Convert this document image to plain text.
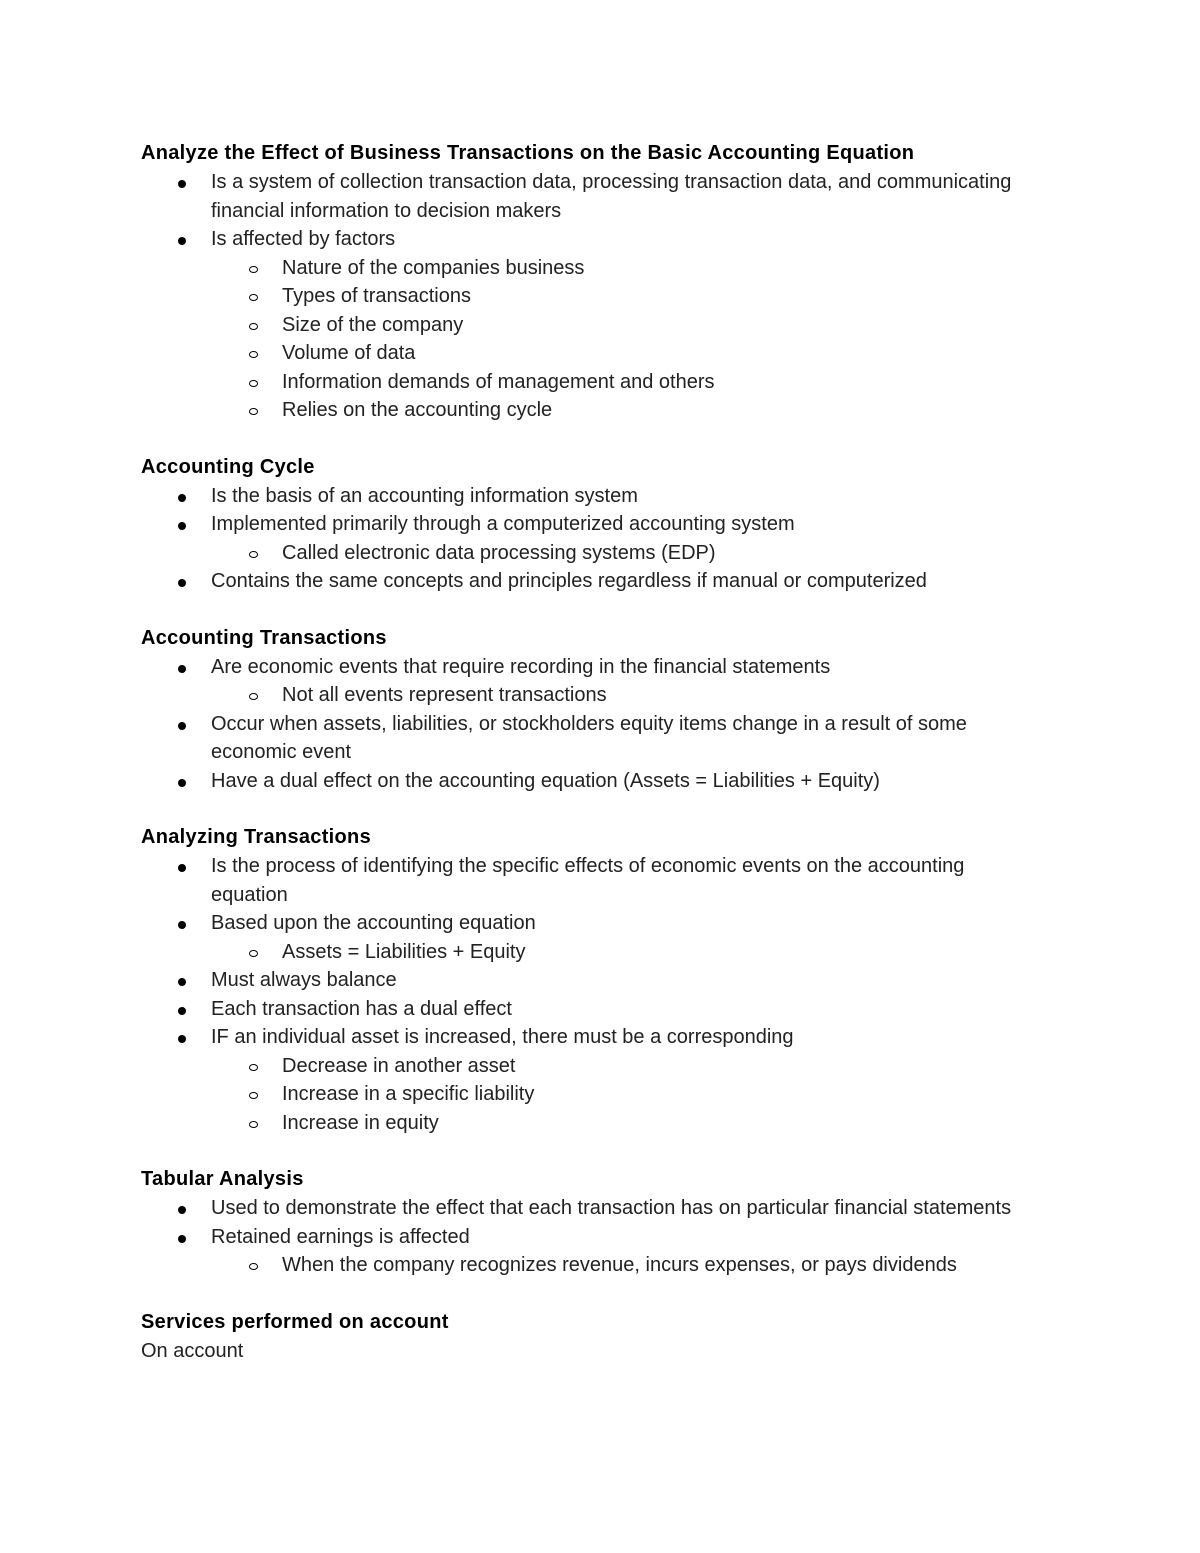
Analyze the Effect of Business Transactions on the Basic Accounting Equation
Is a system of collection transaction data, processing transaction data, and communicating financial information to decision makers
Is affected by factors
Nature of the companies business
Types of transactions
Size of the company
Volume of data
Information demands of management and others
Relies on the accounting cycle
Accounting Cycle
Is the basis of an accounting information system
Implemented primarily through a computerized accounting system
Called electronic data processing systems (EDP)
Contains the same concepts and principles regardless if manual or computerized
Accounting Transactions
Are economic events that require recording in the financial statements
Not all events represent transactions
Occur when assets, liabilities, or stockholders equity items change in a result of some economic event
Have a dual effect on the accounting equation (Assets = Liabilities + Equity)
Analyzing Transactions
Is the process of identifying the specific effects of economic events on the accounting equation
Based upon the accounting equation
Assets = Liabilities + Equity
Must always balance
Each transaction has a dual effect
IF an individual asset is increased, there must be a corresponding
Decrease in another asset
Increase in a specific liability
Increase in equity
Tabular Analysis
Used to demonstrate the effect that each transaction has on particular financial statements
Retained earnings is affected
When the company recognizes revenue, incurs expenses, or pays dividends
Services performed on account
On account
